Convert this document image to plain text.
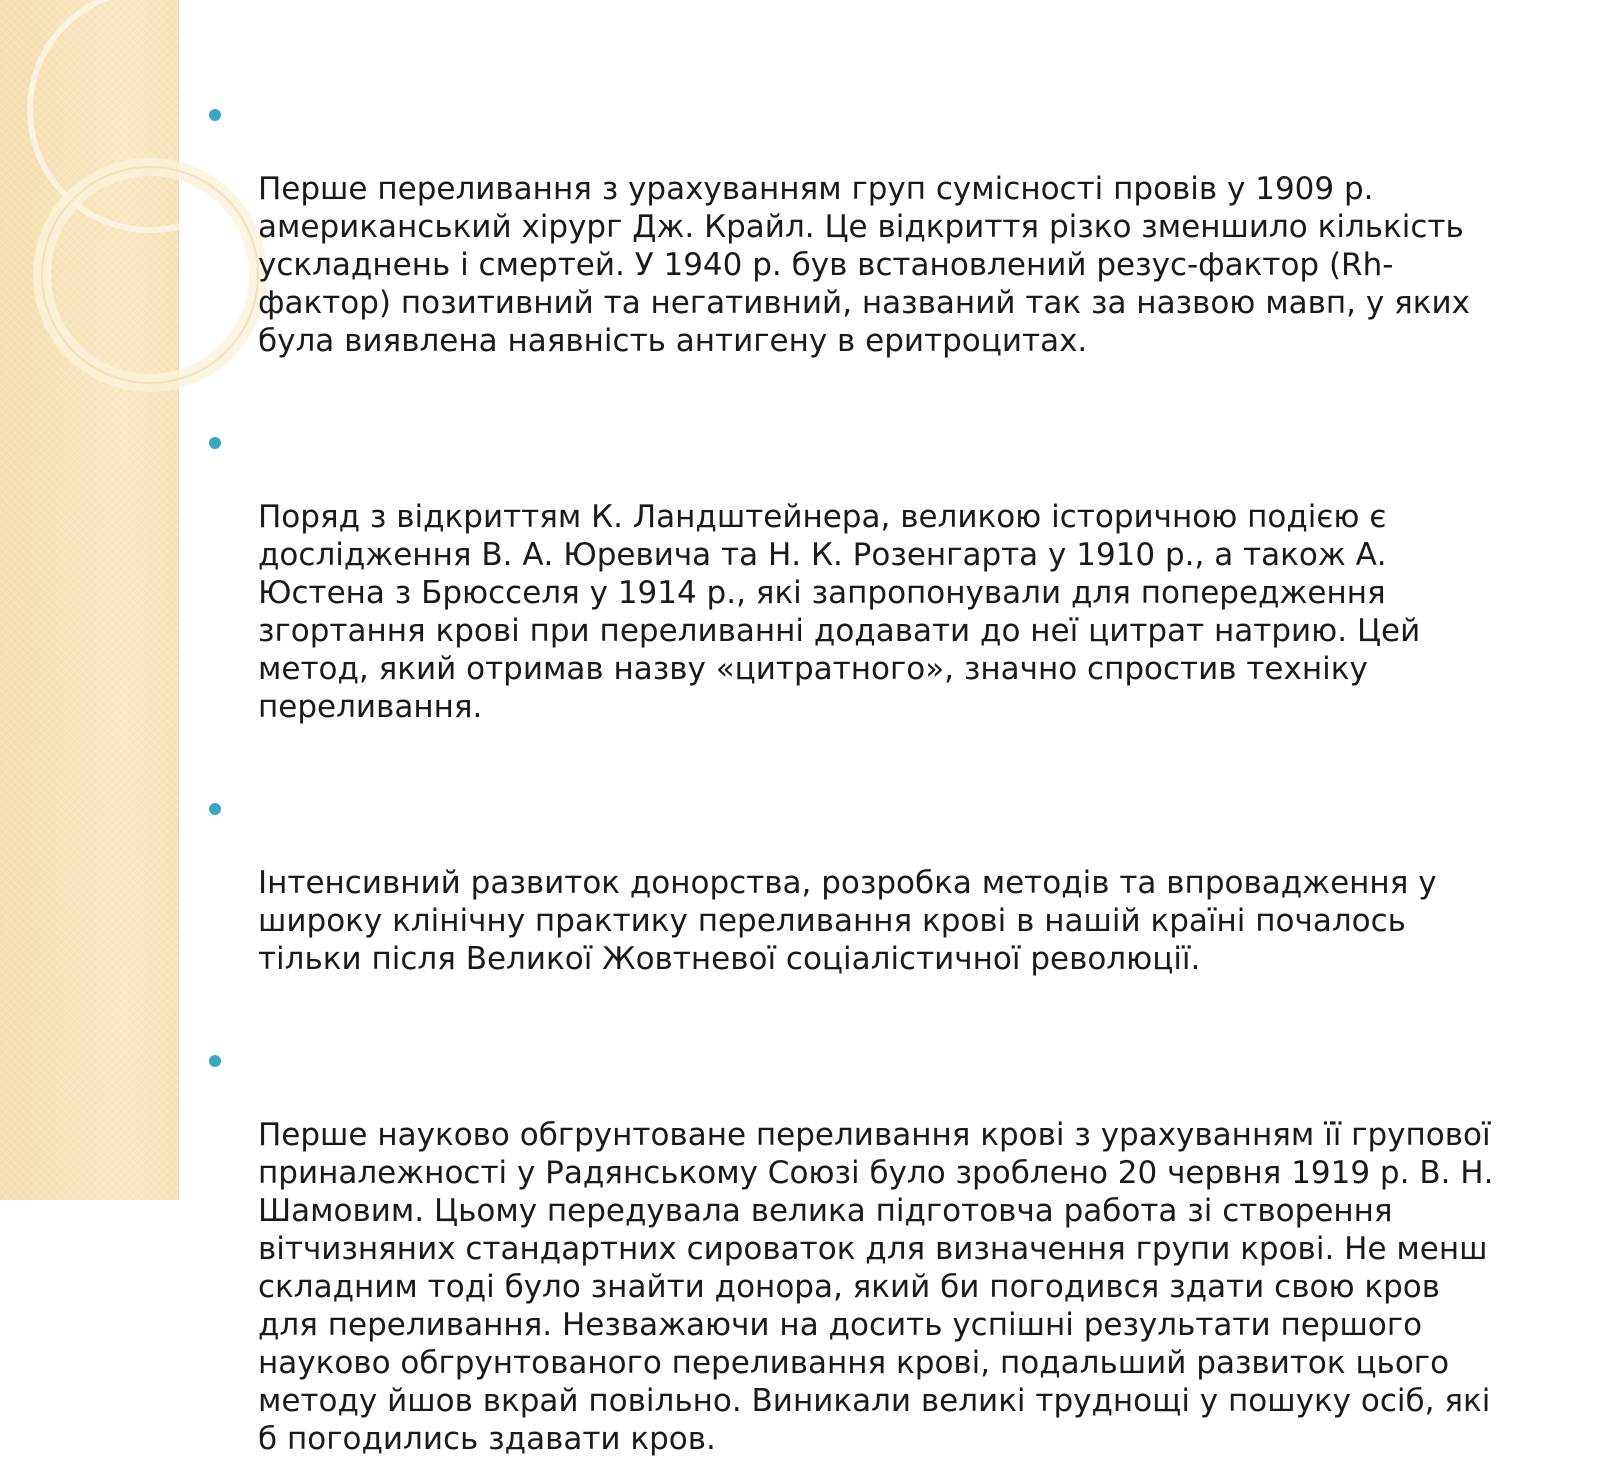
Перше переливання з урахуванням груп сумісності провів у 1909 р.
американський хірург Дж. Крайл. Це відкриття різко зменшило кількість
ускладнень і смертей. У 1940 р. був встановлений резус-фактор (Rh-
фактор) позитивний та негативний, названий так за назвою мавп, у яких
була виявлена наявність антигену в еритроцитах.

Поряд з відкриттям К. Ландштейнера, великою історичною подією є
дослідження В. А. Юревича та Н. К. Розенгарта у 1910 р., а також А.
Юстена з Брюсселя у 1914 р., які запропонували для попередження
згортання крові при переливанні додавати до неї цитрат натрию. Цей
метод, який отримав назву «цитратного», значно спростив техніку
переливання.

Інтенсивний развиток донорства, розробка методів та впровадження у
широку клінічну практику переливання крові в нашій країні почалось
тільки після Великої Жовтневої соціалістичної революції.

Перше науково обгрунтоване переливання крові з урахуванням її групової
приналежності у Радянському Союзі було зроблено 20 червня 1919 р. В. Н.
Шамовим. Цьому передувала велика підготовча работа зі створення
вітчизняних стандартних сироваток для визначення групи крові. Не менш
складним тоді було знайти донора, який би погодився здати свою кров
для переливання. Незважаючи на досить успішні результати першого
науково обгрунтованого переливання крові, подальший развиток цього
методу йшов вкрай повільно. Виникали великі труднощі у пошуку осіб, які
б погодились здавати кров.
